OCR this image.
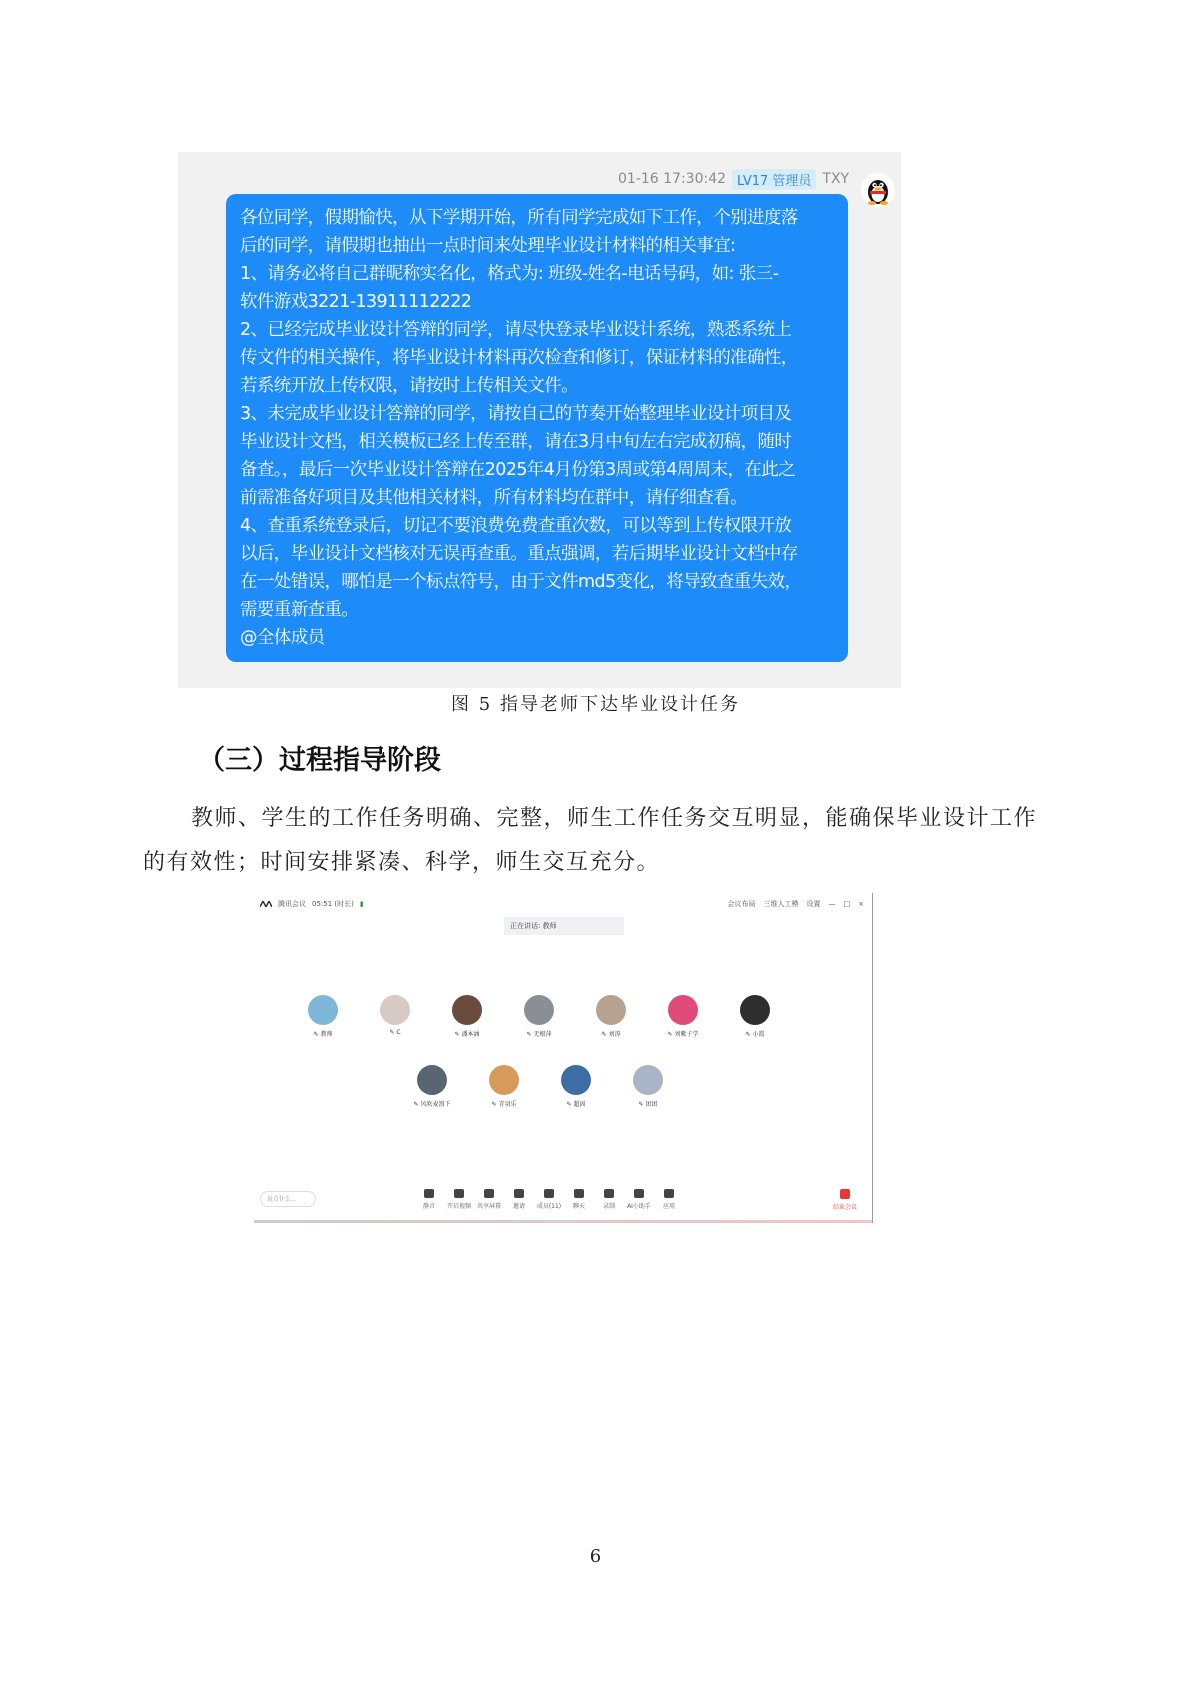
01-16 17:30:42 LV17 管理员 TXY
各位同学，假期愉快，从下学期开始，所有同学完成如下工作，个别进度落
后的同学，请假期也抽出一点时间来处理毕业设计材料的相关事宜:
1、请务必将自己群昵称实名化，格式为: 班级-姓名-电话号码，如: 张三-
软件游戏3221-13911112222
2、已经完成毕业设计答辩的同学，请尽快登录毕业设计系统，熟悉系统上
传文件的相关操作，将毕业设计材料再次检查和修订，保证材料的准确性，
若系统开放上传权限，请按时上传相关文件。
3、未完成毕业设计答辩的同学，请按自己的节奏开始整理毕业设计项目及
毕业设计文档，相关模板已经上传至群，请在3月中旬左右完成初稿，随时
备查。，最后一次毕业设计答辩在2025年4月份第3周或第4周周末，在此之
前需准备好项目及其他相关材料，所有材料均在群中，请仔细查看。
4、查重系统登录后，切记不要浪费免费查重次数，可以等到上传权限开放
以后，毕业设计文档核对无误再查重。重点强调，若后期毕业设计文档中存
在一处错误，哪怕是一个标点符号，由于文件md5变化，将导致查重失效，
需要重新查重。
@全体成员
图 5 指导老师下达毕业设计任务
（三）过程指导阶段
教师、学生的工作任务明确、完整，师生工作任务交互明显，能确保毕业设计工作
的有效性；时间安排紧凑、科学，师生交互充分。
腾讯会议 05:51 (时长) ▮	会议布局 三维人工模 设置 — □ ×
正在讲话: 教师
✎ 教师	✎ C	✎ 潘本涵	✎ 无根萍	✎ 刘涛	✎ 刘紫子学	✎ 小霞
✎ 风吹麦浪下	✎ 青羽乐	✎ 超固	✎ 团团
说点什么...
静音	开启视频 共享屏幕	邀请	成员(11)	聊天	录制	AI小助手	应用	结束会议
6
